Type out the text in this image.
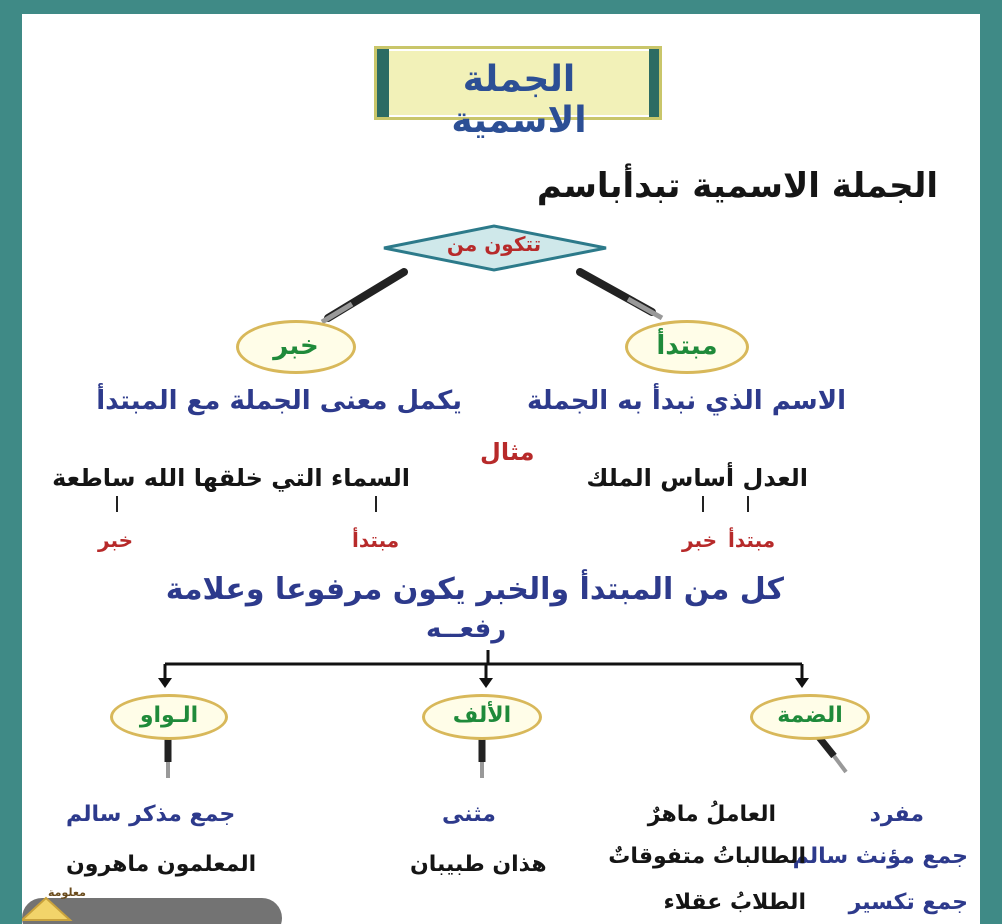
الجملة الاسمية
الجملة الاسمية تبدأباسم
تتكون من
خبر	مبتدأ
الاسم الذي نبدأ به الجملة
يكمل معنى الجملة مع المبتدأ
مثال
العدل أساس الملك
السماء التي خلقها الله ساطعة
مبتدأ
خبر
مبتدأ
خبر
كل من المبتدأ والخبر يكون مرفوعا وعلامة
رفعــه
الـواو	الألف	الضمة
مفرد
العاملُ ماهرٌ
جمع مؤنث سالم
الطالباتُ متفوقاتٌ
جمع تكسير
الطلابُ عقلاء
مثنى
هذان طبيبان
جمع مذكر سالم
المعلمون ماهرون
معلومة
